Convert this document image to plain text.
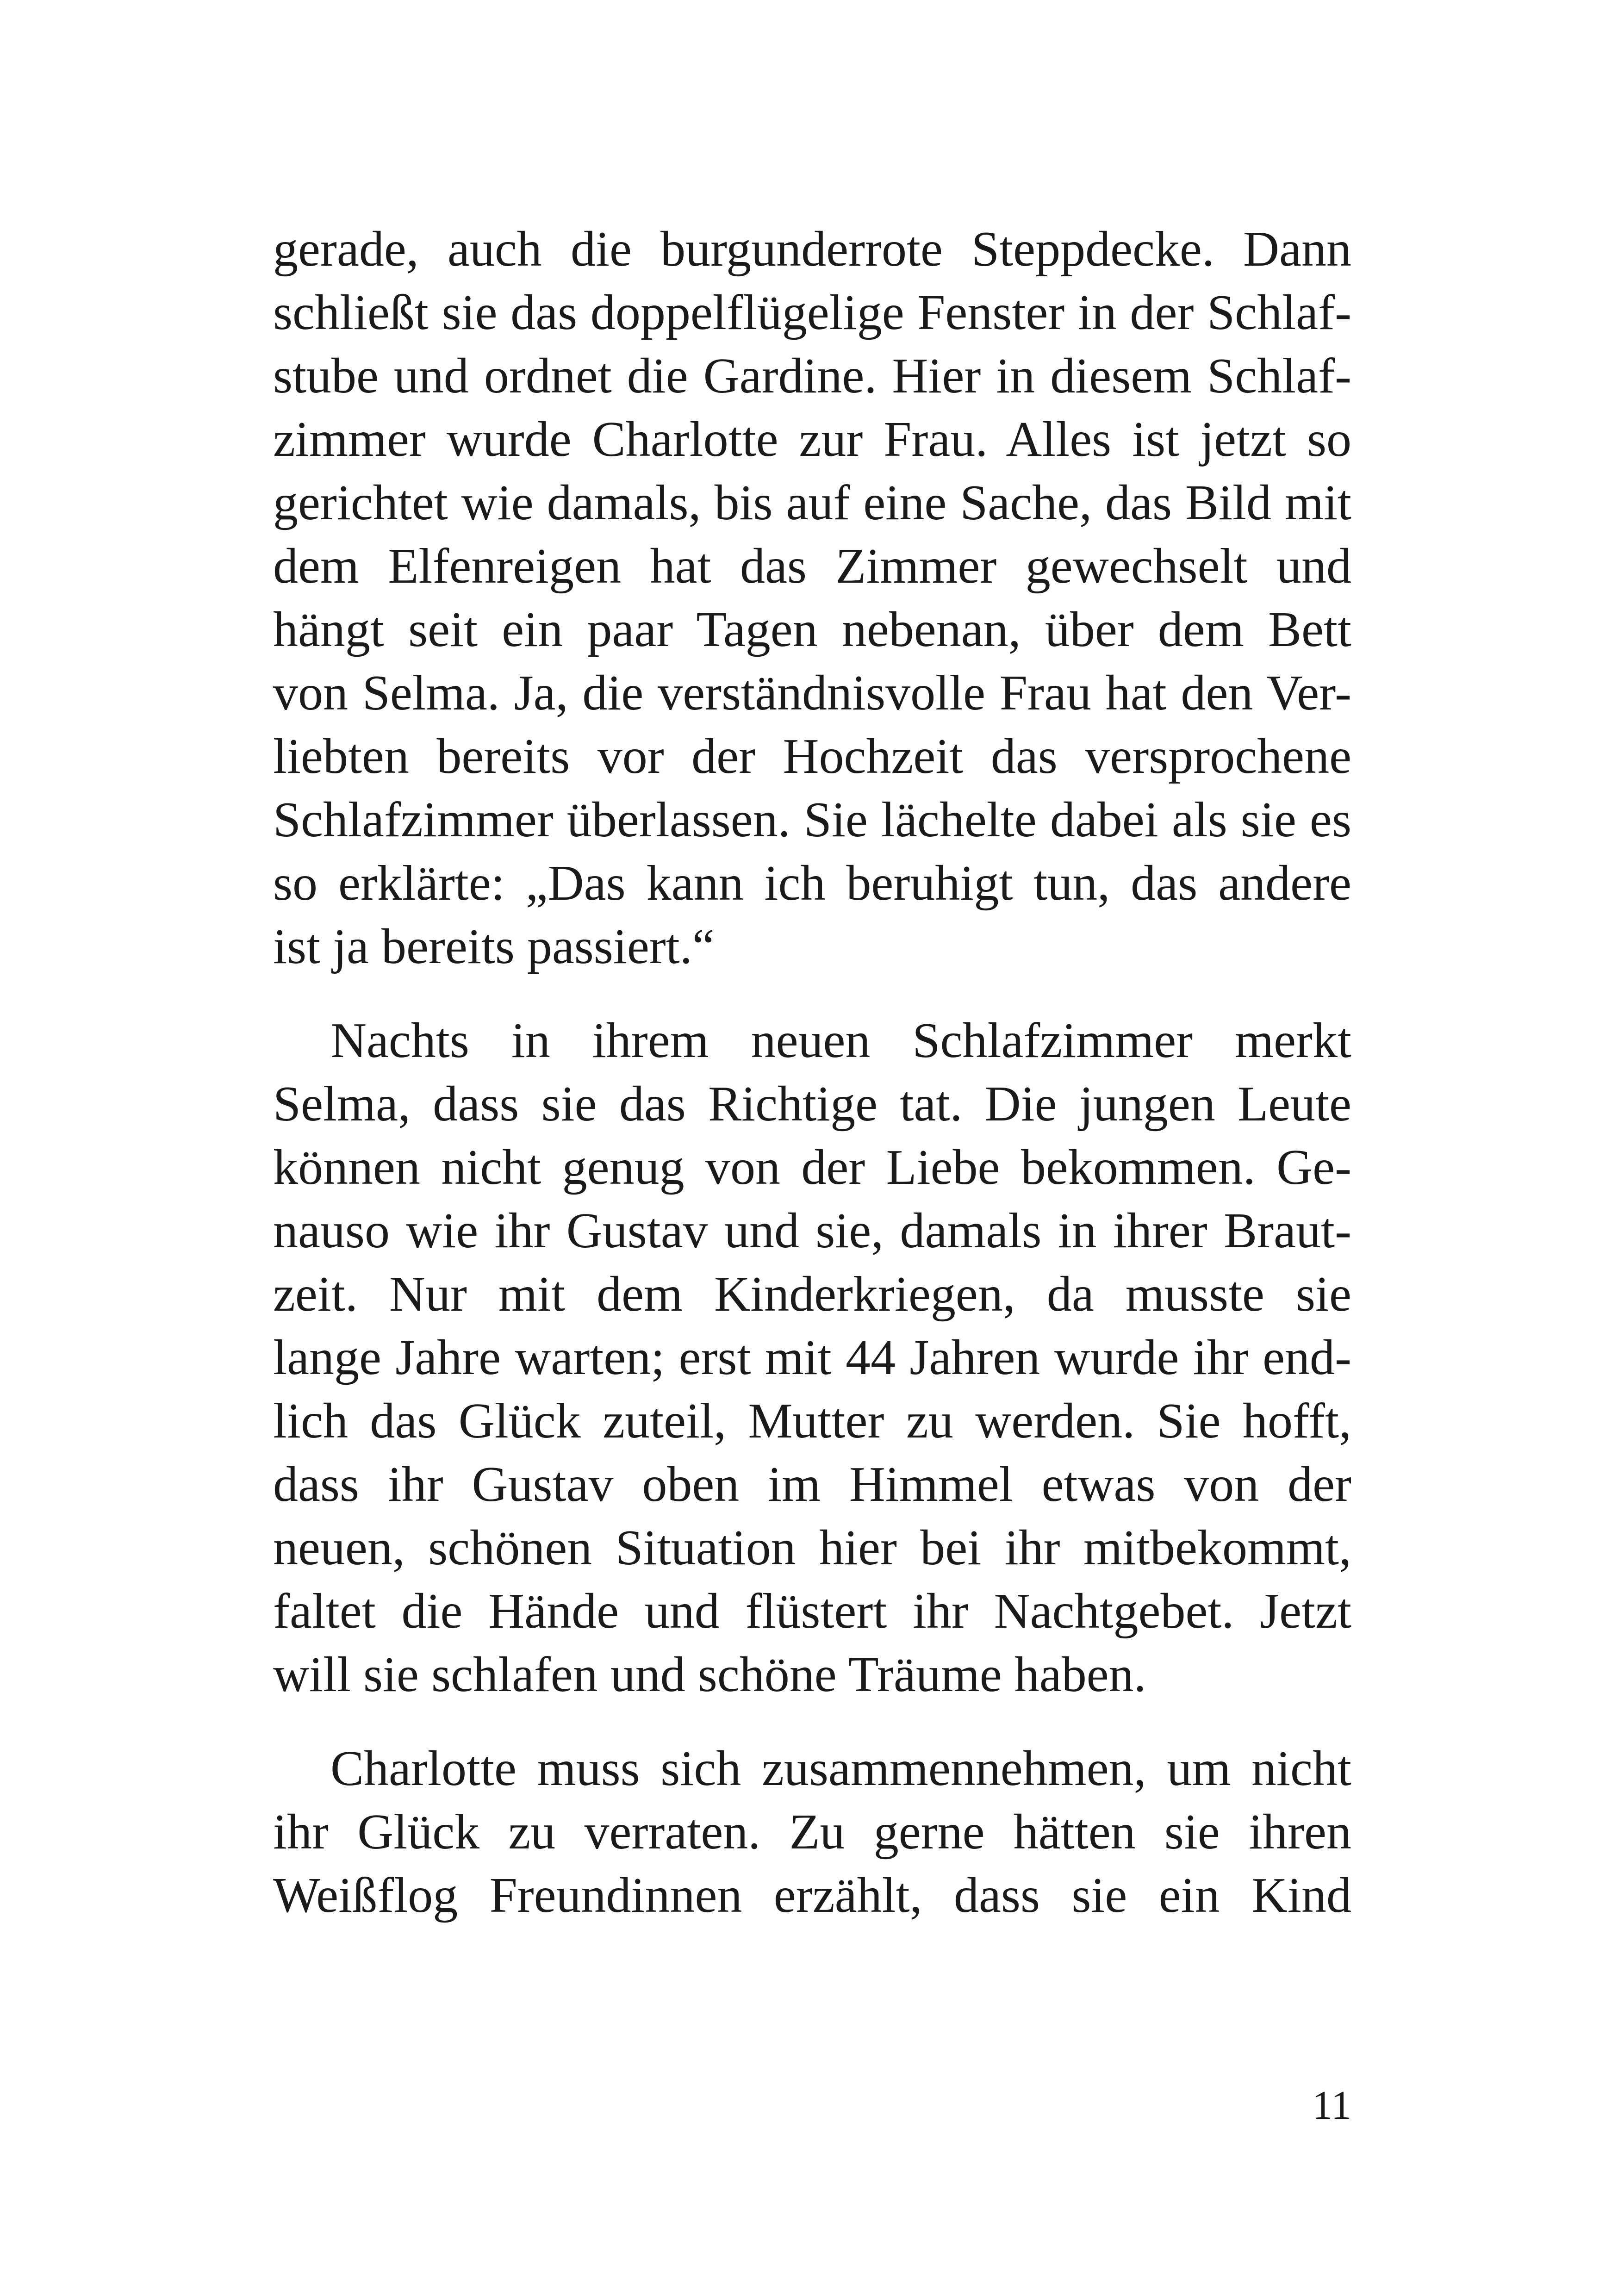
gerade, auch die burgunderrote Steppdecke. Dann
schließt sie das doppelflügelige Fenster in der Schlaf-
stube und ordnet die Gardine. Hier in diesem Schlaf-
zimmer wurde Charlotte zur Frau. Alles ist jetzt so
gerichtet wie damals, bis auf eine Sache, das Bild mit
dem Elfenreigen hat das Zimmer gewechselt und
hängt seit ein paar Tagen nebenan, über dem Bett
von Selma. Ja, die verständnisvolle Frau hat den Ver-
liebten bereits vor der Hochzeit das versprochene
Schlafzimmer überlassen. Sie lächelte dabei als sie es
so erklärte: „Das kann ich beruhigt tun, das andere
ist ja bereits passiert.“

Nachts in ihrem neuen Schlafzimmer merkt
Selma, dass sie das Richtige tat. Die jungen Leute
können nicht genug von der Liebe bekommen. Ge-
nauso wie ihr Gustav und sie, damals in ihrer Braut-
zeit. Nur mit dem Kinderkriegen, da musste sie
lange Jahre warten; erst mit 44 Jahren wurde ihr end-
lich das Glück zuteil, Mutter zu werden. Sie hofft,
dass ihr Gustav oben im Himmel etwas von der
neuen, schönen Situation hier bei ihr mitbekommt,
faltet die Hände und flüstert ihr Nachtgebet. Jetzt
will sie schlafen und schöne Träume haben.

Charlotte muss sich zusammennehmen, um nicht
ihr Glück zu verraten. Zu gerne hätten sie ihren
Weißflog Freundinnen erzählt, dass sie ein Kind

11
